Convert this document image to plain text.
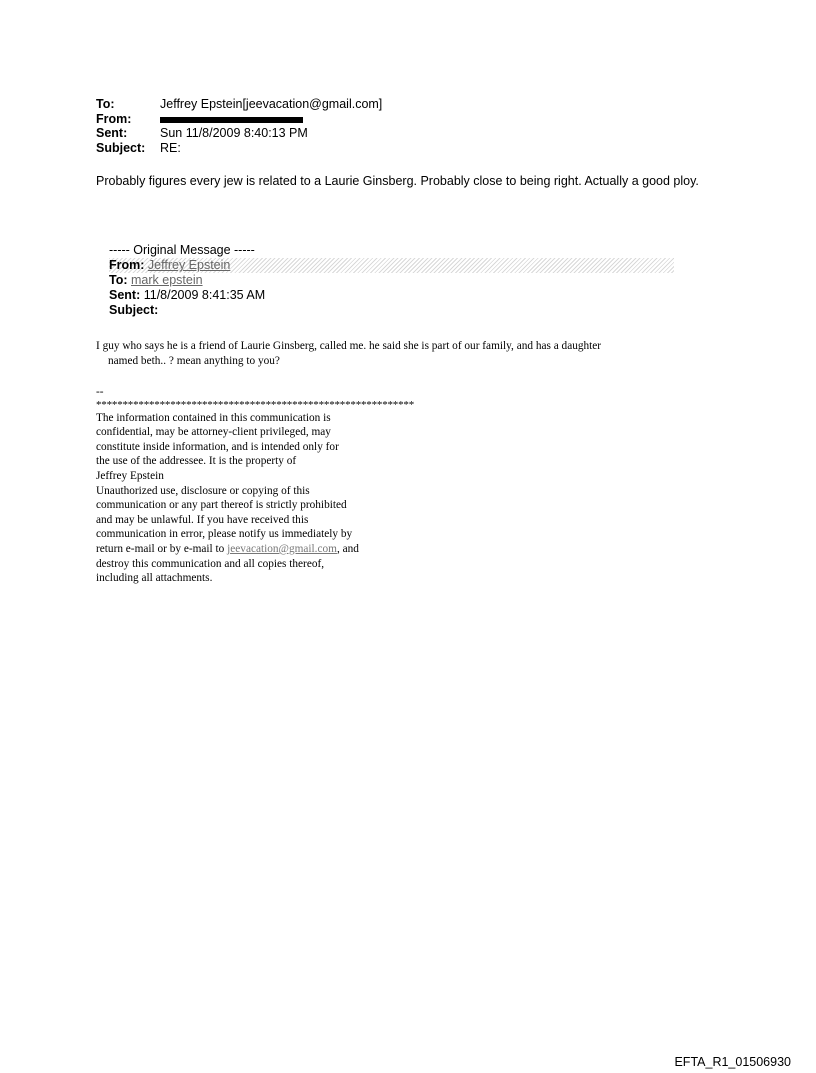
To:	Jeffrey Epstein[jeevacation@gmail.com]
From:
Sent:	Sun 11/8/2009 8:40:13 PM
Subject:	RE:
Probably figures every jew is related to a Laurie Ginsberg. Probably close to being right. Actually a good ploy.
----- Original Message -----
From: Jeffrey Epstein
To: mark epstein
Sent: 11/8/2009 8:41:35 AM
Subject:
I guy who says he is a friend of Laurie Ginsberg, called me. he said she is part of our family, and has a daughter
named beth.. ? mean anything to you?
--
************************************************************
The information contained in this communication is
confidential, may be attorney-client privileged, may
constitute inside information, and is intended only for
the use of the addressee. It is the property of
Jeffrey Epstein
Unauthorized use, disclosure or copying of this
communication or any part thereof is strictly prohibited
and may be unlawful. If you have received this
communication in error, please notify us immediately by
return e-mail or by e-mail to jeevacation@gmail.com, and
destroy this communication and all copies thereof,
including all attachments.
EFTA_R1_01506930
